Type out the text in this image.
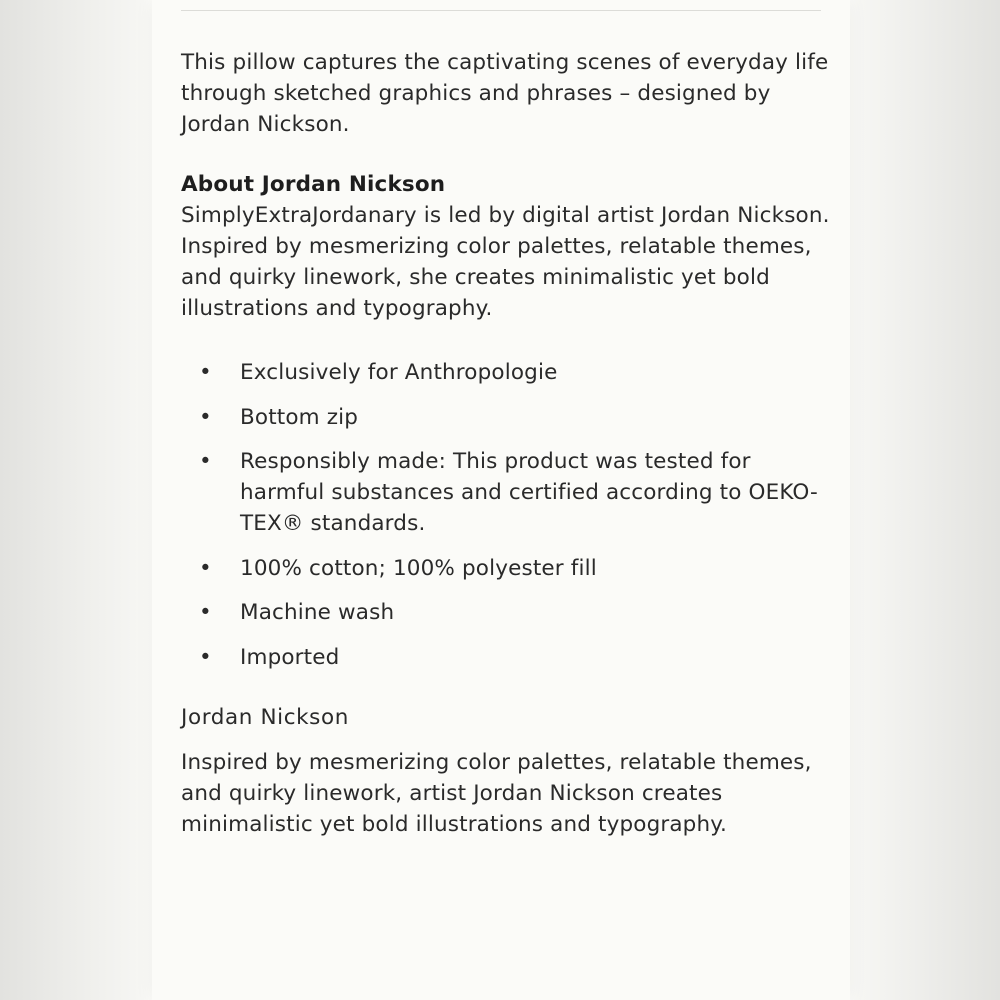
This pillow captures the captivating scenes of everyday life through sketched graphics and phrases – designed by Jordan Nickson.

About Jordan Nickson

SimplyExtraJordanary is led by digital artist Jordan Nickson. Inspired by mesmerizing color palettes, relatable themes, and quirky linework, she creates minimalistic yet bold illustrations and typography.

• Exclusively for Anthropologie
• Bottom zip
• Responsibly made: This product was tested for harmful substances and certified according to OEKO-TEX® standards.
• 100% cotton; 100% polyester fill
• Machine wash
• Imported

Jordan Nickson

Inspired by mesmerizing color palettes, relatable themes, and quirky linework, artist Jordan Nickson creates minimalistic yet bold illustrations and typography.
